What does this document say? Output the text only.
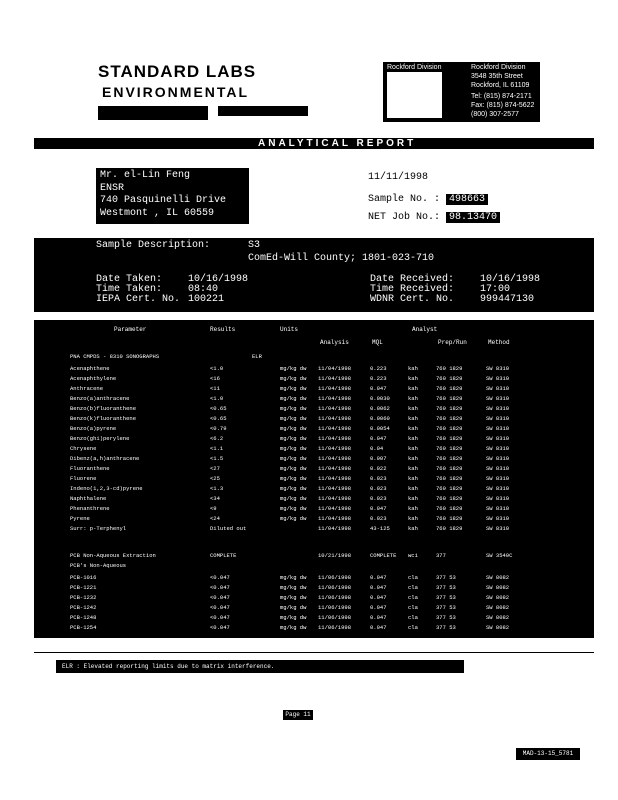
STANDARD LABS
ENVIRONMENTAL
Rockford Division	Rockford Division
3548 35th Street
Rockford, IL 61109
Tel: (815) 874-2171
Fax: (815) 874-5622
(800) 307-2577
ANALYTICAL REPORT
Mr. el-Lin Feng
ENSR
740 Pasquinelli Drive
Westmont , IL 60559
11/11/1998
Sample No. : 498663
NET Job No.: 98.13470
Sample Description:	S3
ComEd-Will County; 1801-023-710
Date Taken:	10/16/1998
Time Taken:	08:40
IEPA Cert. No. 100221
Date Received:	10/16/1998
Time Received:	17:00
WDNR Cert. No.	999447130
Parameter	Results	Units
Analysis	MQL
Analyst
Prep/Run	Method
PNA CMPDS - 8310 SONOGRAPHS	ELR
Acenaphthene	<1.0	mg/kg dw 11/04/1998	0.223	kah	760 1829	SW 8310
Acenaphthylene	<16	mg/kg dw 11/04/1998	0.223	kah	760 1829	SW 8310
Anthracene	<11	mg/kg dw 11/04/1998	0.047	kah	760 1829	SW 8310
Benzo(a)anthracene	<1.0	mg/kg dw 11/04/1998	0.0030	kah	760 1829	SW 8310
Benzo(b)fluoranthene	<0.65	mg/kg dw 11/04/1998	0.0062	kah	760 1829	SW 8310
Benzo(k)fluoranthene	<0.65	mg/kg dw 11/04/1998	0.0060	kah	760 1829	SW 8310
Benzo(a)pyrene	<0.79	mg/kg dw 11/04/1998	0.0054	kah	760 1829	SW 8310
Benzo(ghi)perylene	<6.2	mg/kg dw 11/04/1998	0.047	kah	760 1829	SW 8310
Chrysene	<1.1	mg/kg dw 11/04/1998	0.04	kah	760 1829	SW 8310
Dibenz(a,h)anthracene	<1.5	mg/kg dw 11/04/1998	0.007	kah	760 1829	SW 8310
Fluoranthene	<27	mg/kg dw 11/04/1998	0.022	kah	760 1829	SW 8310
Fluorene	<25	mg/kg dw 11/04/1998	0.023	kah	760 1829	SW 8310
Indeno(1,2,3-cd)pyrene	<1.3	mg/kg dw 11/04/1998	0.023	kah	760 1829	SW 8310
Naphthalene	<34	mg/kg dw 11/04/1998	0.023	kah	760 1829	SW 8310
Phenanthrene	<9	mg/kg dw 11/04/1998	0.047	kah	760 1829	SW 8310
Pyrene	<24	mg/kg dw 11/04/1998	0.023	kah	760 1829	SW 8310
Surr: p-Terphenyl	Diluted out	11/04/1998	43-125	kah	760 1829	SW 8310
PCB Non-Aqueous Extraction	COMPLETE	10/21/1998	COMPLETE wci	377	SW 3540C
PCB's Non-Aqueous
PCB-1016	<0.047	mg/kg dw 11/06/1998	0.047	cla	377 53	SW 8082
PCB-1221	<0.047	mg/kg dw 11/06/1998	0.047	cla	377 53	SW 8082
PCB-1232	<0.047	mg/kg dw 11/06/1998	0.047	cla	377 53	SW 8082
PCB-1242	<0.047	mg/kg dw 11/06/1998	0.047	cla	377 53	SW 8082
PCB-1248	<0.047	mg/kg dw 11/06/1998	0.047	cla	377 53	SW 8082
PCB-1254	<0.047	mg/kg dw 11/06/1998	0.047	cla	377 53	SW 8082
ELR : Elevated reporting limits due to matrix interference.
Page 11
MAD-13-15_5781
